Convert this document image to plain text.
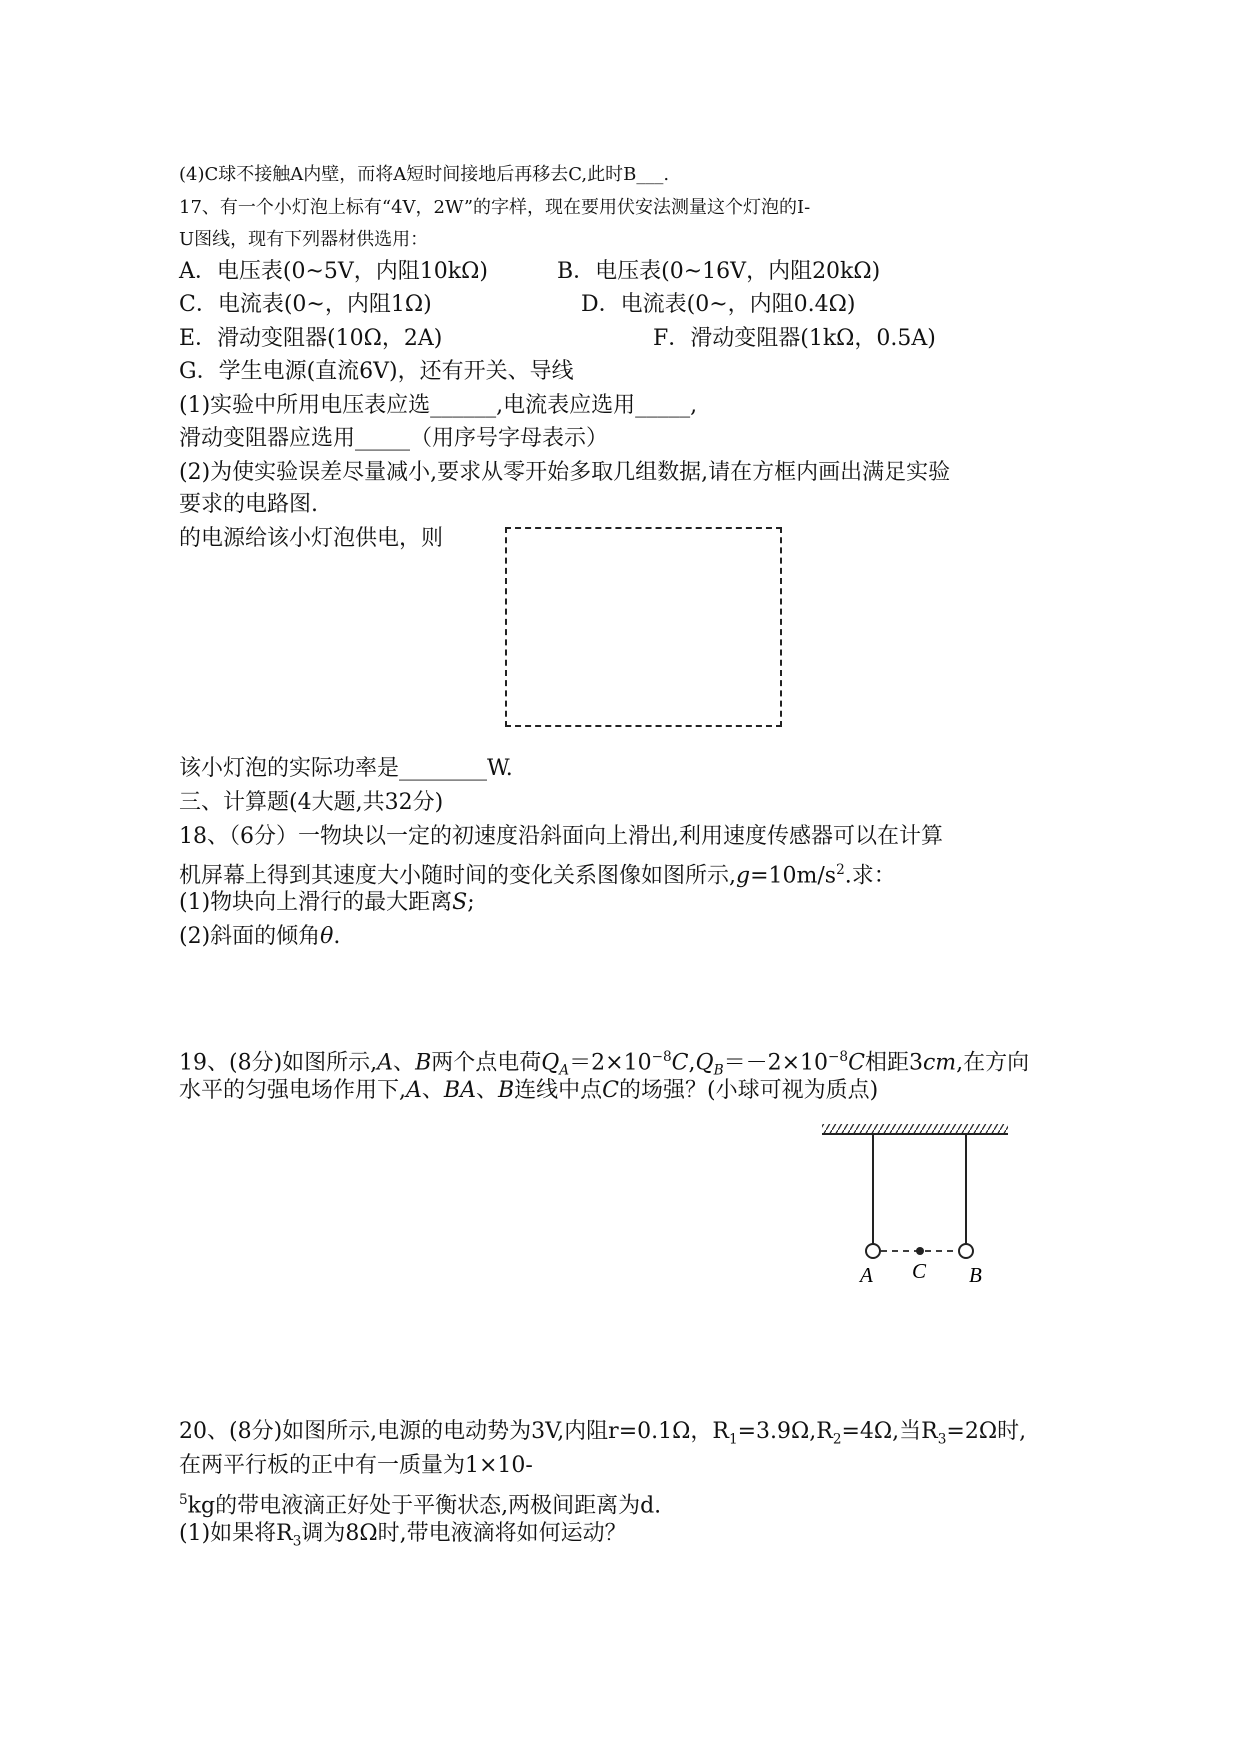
(4)C球不接触A内壁，而将A短时间接地后再移去C,此时B___.
17、有一个小灯泡上标有“4V，2W”的字样，现在要用伏安法测量这个灯泡的I-
U图线，现有下列器材供选用：
A．电压表(0~5V，内阻10kΩ)	B．电压表(0~16V，内阻20kΩ)
C．电流表(0~，内阻1Ω)	D．电流表(0~，内阻0.4Ω)
E．滑动变阻器(10Ω，2A)	F．滑动变阻器(1kΩ，0.5A)
G．学生电源(直流6V)，还有开关、导线
(1)实验中所用电压表应选______,电流表应选用_____,
滑动变阻器应选用_____（用序号字母表示）
(2)为使实验误差尽量减小,要求从零开始多取几组数据,请在方框内画出满足实验
要求的电路图.
的电源给该小灯泡供电，则
该小灯泡的实际功率是________W.
三、计算题(4大题,共32分)
18、（6分）一物块以一定的初速度沿斜面向上滑出,利用速度传感器可以在计算
机屏幕上得到其速度大小随时间的变化关系图像如图所示$,g=10m/s^2$.求：
(1)物块向上滑行的最大距离S;
(2)斜面的倾角θ.
19、(8分)如图所示,A、B两个点电荷$Q_A=2\times 10^{-8}C,Q_B=-2\times 10^{-8}C$相距3cm,在方向
水平的匀强电场作用下,A、BA、B连线中点C的场强？(小球可视为质点)
A C B
20、(8分)如图所示,电源的电动势为3V,内阻r=0.1Ω，$R_1=3.9\Omega,R_2=4\Omega$,当$R_3=2\Omega$时,
在两平行板的正中有一质量为1×10-
$^5$kg的带电液滴正好处于平衡状态,两极间距离为d.
(1)如果将$R_3$调为8Ω时,带电液滴将如何运动？
